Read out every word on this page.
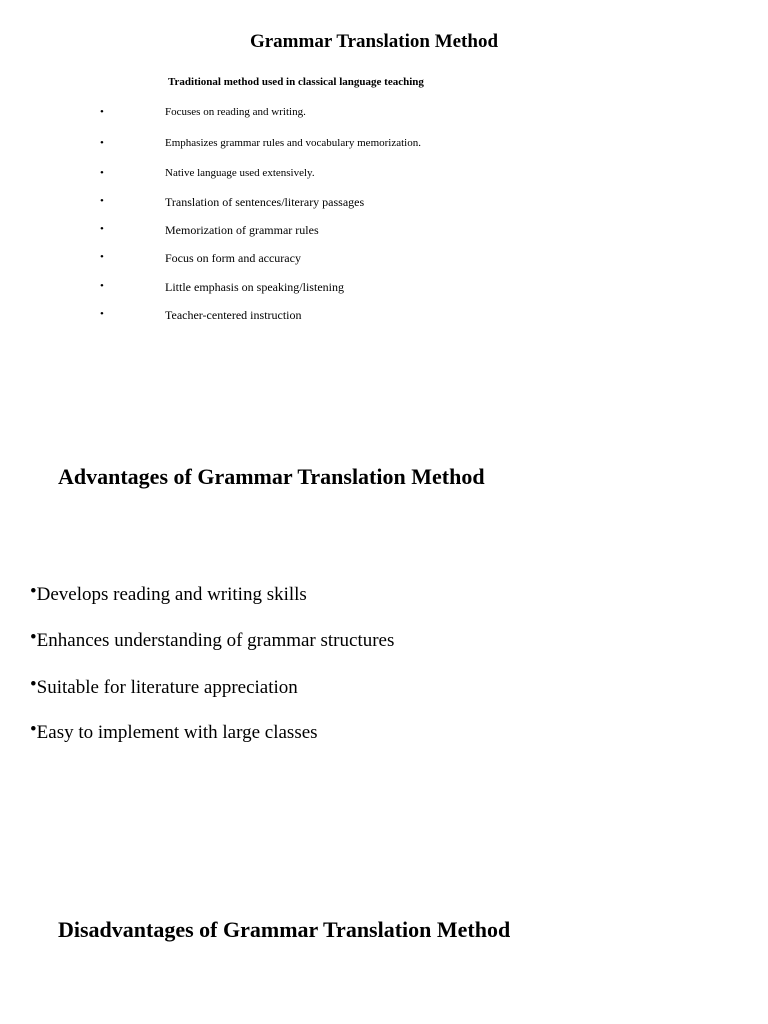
Grammar Translation Method

Traditional method used in classical language teaching

•	Focuses on reading and writing.
•	Emphasizes grammar rules and vocabulary memorization.
•	Native language used extensively.
•	Translation of sentences/literary passages
•	Memorization of grammar rules
•	Focus on form and accuracy
•	Little emphasis on speaking/listening
•	Teacher-centered instruction
Advantages of Grammar Translation Method
•Develops reading and writing skills
•Enhances understanding of grammar structures
•Suitable for literature appreciation
•Easy to implement with large classes
Disadvantages of Grammar Translation Method
